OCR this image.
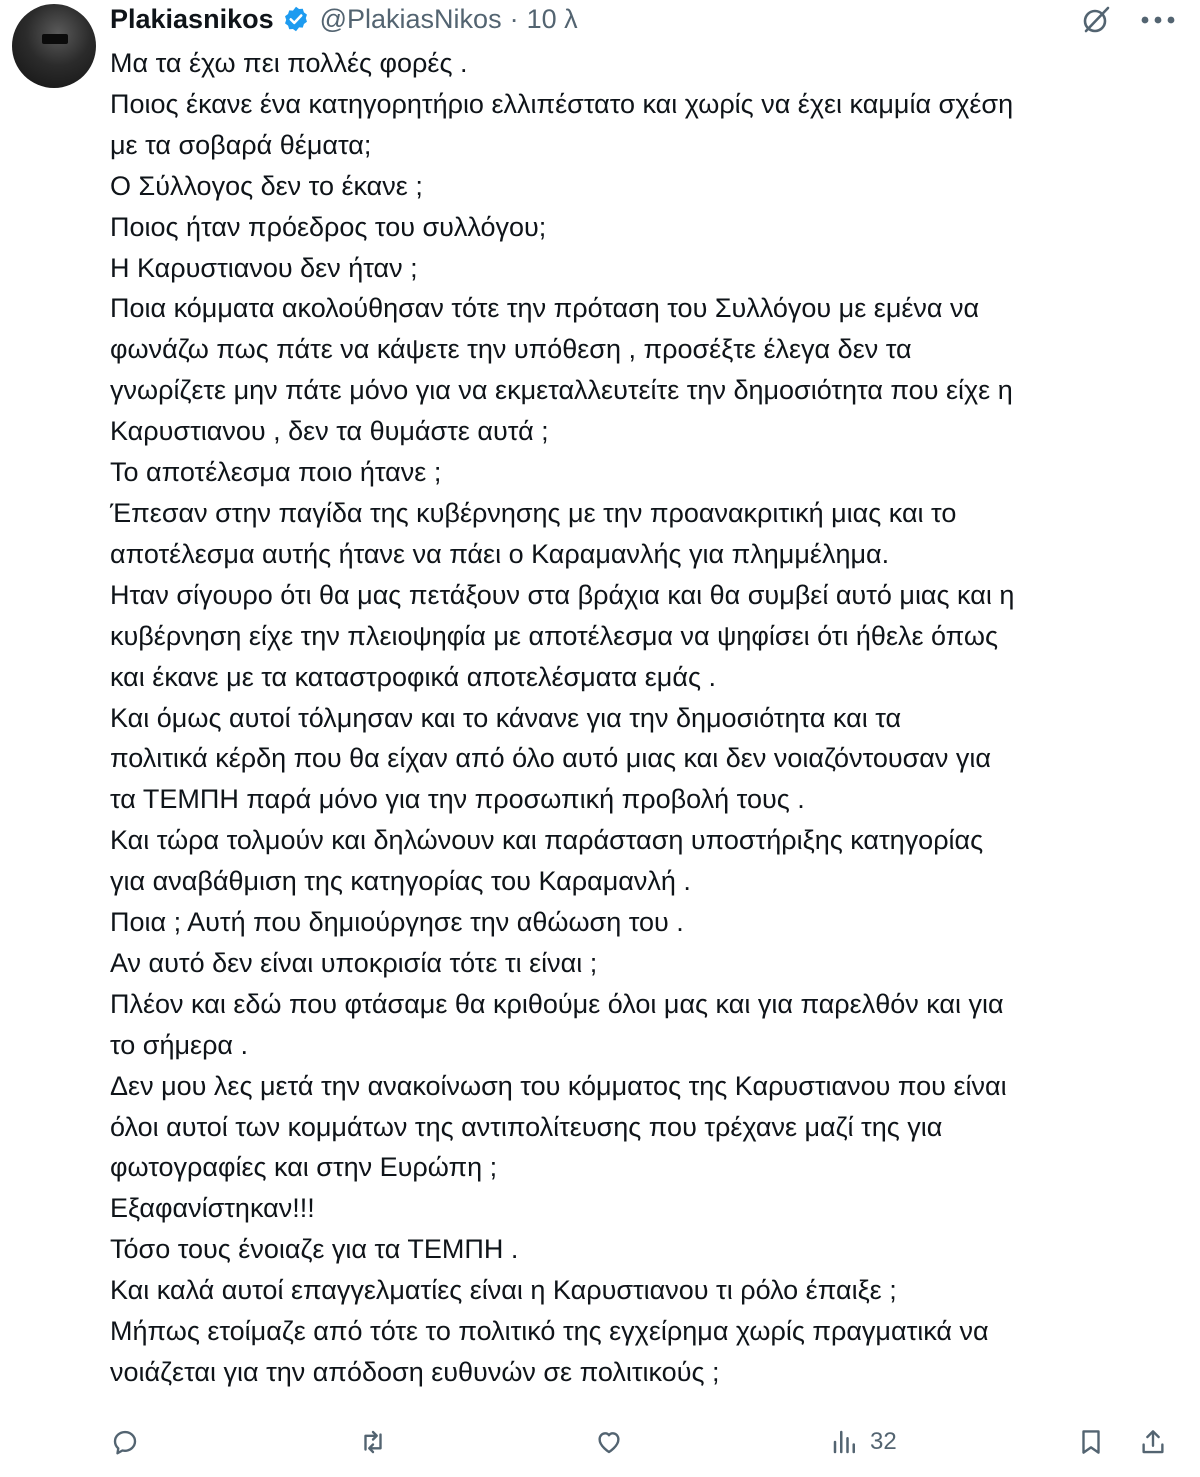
Plakiasnikos @PlakiasNikos · 10 λ
Μα τα έχω πει πολλές φορές .
Ποιος έκανε ένα κατηγορητήριο ελλιπέστατο και χωρίς να έχει καμμία σχέση
με τα σοβαρά θέματα;
Ο Σύλλογος δεν το έκανε ;
Ποιος ήταν πρόεδρος του συλλόγου;
Η Καρυστιανου δεν ήταν ;
Ποια κόμματα ακολούθησαν τότε την πρόταση του Συλλόγου με εμένα να
φωνάζω πως πάτε να κάψετε την υπόθεση , προσέξτε έλεγα δεν τα
γνωρίζετε μην πάτε μόνο για να εκμεταλλευτείτε την δημοσιότητα που είχε η
Καρυστιανου , δεν τα θυμάστε αυτά ;
Το αποτέλεσμα ποιο ήτανε ;
Έπεσαν στην παγίδα της κυβέρνησης με την προανακριτική μιας και το
αποτέλεσμα αυτής ήτανε να πάει ο Καραμανλής για πλημμέλημα.
Ηταν σίγουρο ότι θα μας πετάξουν στα βράχια και θα συμβεί αυτό μιας και η
κυβέρνηση είχε την πλειοψηφία με αποτέλεσμα να ψηφίσει ότι ήθελε όπως
και έκανε με τα καταστροφικά αποτελέσματα εμάς .
Και όμως αυτοί τόλμησαν και το κάνανε για την δημοσιότητα και τα
πολιτικά κέρδη που θα είχαν από όλο αυτό μιας και δεν νοιαζόντουσαν για
τα ΤΕΜΠΗ παρά μόνο για την προσωπική προβολή τους .
Και τώρα τολμούν και δηλώνουν και παράσταση υποστήριξης κατηγορίας
για αναβάθμιση της κατηγορίας του Καραμανλή .
Ποια ; Αυτή που δημιούργησε την αθώωση του .
Αν αυτό δεν είναι υποκρισία τότε τι είναι ;
Πλέον και εδώ που φτάσαμε θα κριθούμε όλοι μας και για παρελθόν και για
το σήμερα .
Δεν μου λες μετά την ανακοίνωση του κόμματος της Καρυστιανου που είναι
όλοι αυτοί των κομμάτων της αντιπολίτευσης που τρέχανε μαζί της για
φωτογραφίες και στην Ευρώπη ;
Εξαφανίστηκαν!!!
Τόσο τους ένοιαζε για τα ΤΕΜΠΗ .
Και καλά αυτοί επαγγελματίες είναι η Καρυστιανου τι ρόλο έπαιξε ;
Μήπως ετοίμαζε από τότε το πολιτικό της εγχείρημα χωρίς πραγματικά να
νοιάζεται για την απόδοση ευθυνών σε πολιτικούς ;
32
